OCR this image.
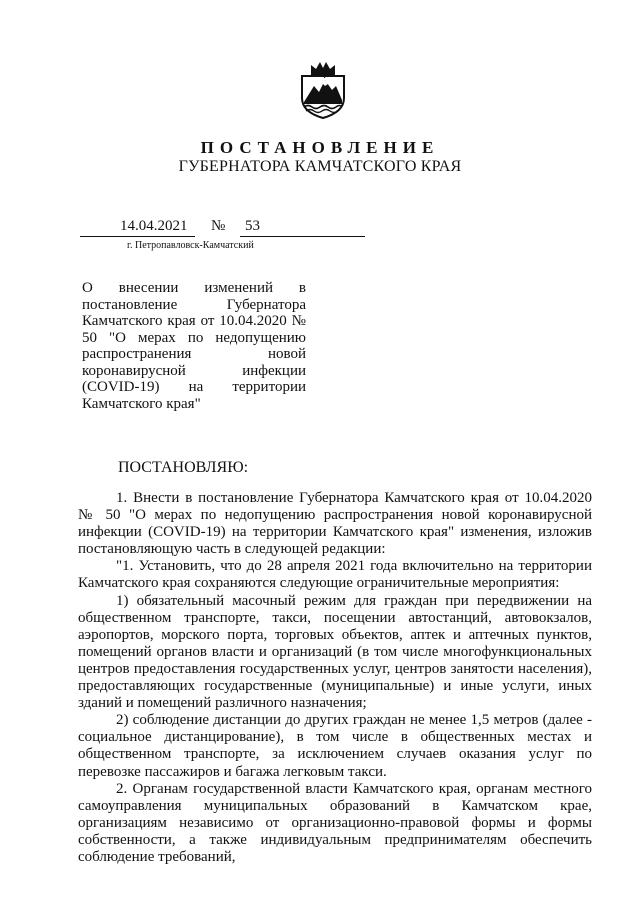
ПОСТАНОВЛЕНИЕ
ГУБЕРНАТОРА КАМЧАТСКОГО КРАЯ
14.04.2021 № 53
г. Петропавловск-Камчатский

О внесении изменений в постановление Губернатора Камчатского края от 10.04.2020 № 50 "О мерах по недопущению распространения новой коронавирусной инфекции (COVID-19) на территории Камчатского края"

ПОСТАНОВЛЯЮ:

1. Внести в постановление Губернатора Камчатского края от 10.04.2020 № 50 "О мерах по недопущению распространения новой коронавирусной инфекции (COVID-19) на территории Камчатского края" изменения, изложив постановляющую часть в следующей редакции:

"1. Установить, что до 28 апреля 2021 года включительно на территории Камчатского края сохраняются следующие ограничительные мероприятия:

1) обязательный масочный режим для граждан при передвижении на общественном транспорте, такси, посещении автостанций, автовокзалов, аэропортов, морского порта, торговых объектов, аптек и аптечных пунктов, помещений органов власти и организаций (в том числе многофункциональных центров предоставления государственных услуг, центров занятости населения), предоставляющих государственные (муниципальные) и иные услуги, иных зданий и помещений различного назначения;

2) соблюдение дистанции до других граждан не менее 1,5 метров (далее - социальное дистанцирование), в том числе в общественных местах и общественном транспорте, за исключением случаев оказания услуг по перевозке пассажиров и багажа легковым такси.

2. Органам государственной власти Камчатского края, органам местного самоуправления муниципальных образований в Камчатском крае, организациям независимо от организационно-правовой формы и формы собственности, а также индивидуальным предпринимателям обеспечить соблюдение требований,
